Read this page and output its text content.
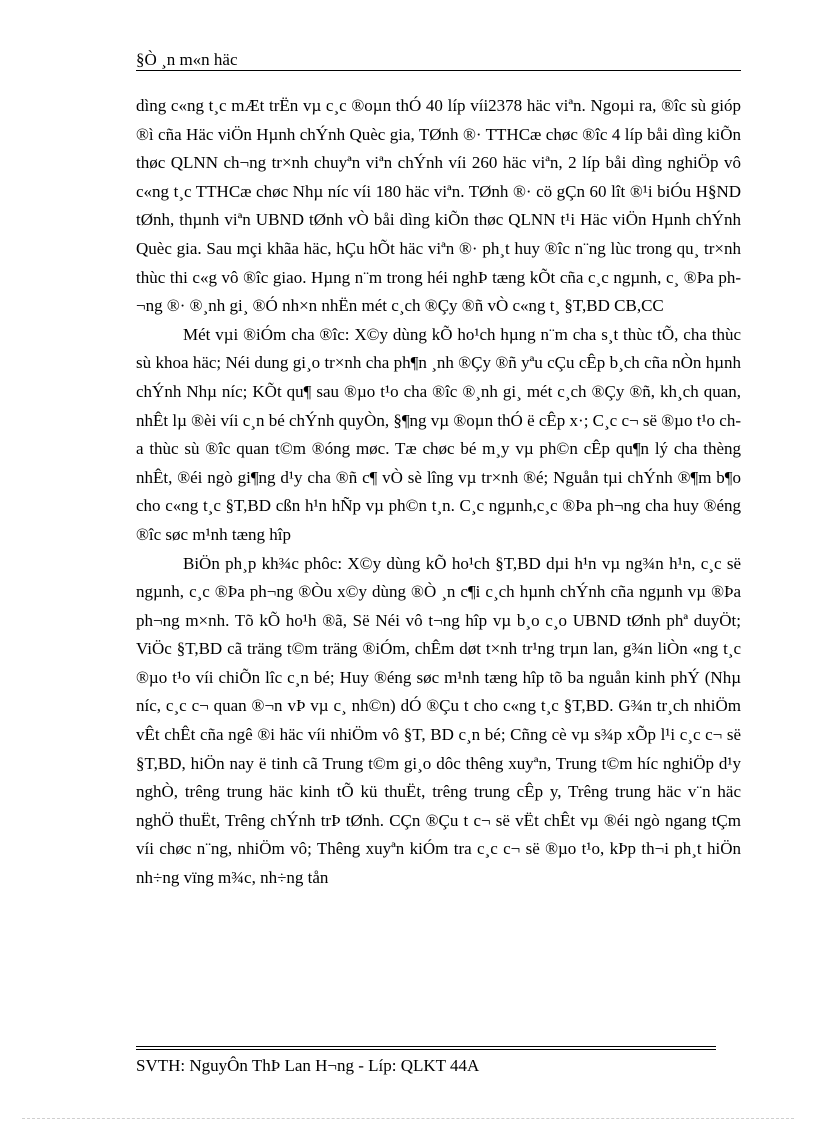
§Ò ¸n m«n häc

dìng c«ng t¸c mÆt trËn vµ c¸c ®oµn thÓ 40 líp víi2378 häc viªn. Ngoµi ra, ®îc sù gióp ®ì cña Häc viÖn Hµnh chÝnh Quèc gia, TØnh ®· TTHCæ chøc ®îc 4 líp båi dìng kiÕn thøc QLNN ch¬ng tr×nh chuyªn viªn chÝnh víi 260 häc viªn, 2 líp båi dìng nghiÖp vô c«ng t¸c TTHCæ chøc Nhµ níc víi 180 häc viªn. TØnh ®· cö gÇn 60 lît ®¹i biÓu H§ND tØnh, thµnh viªn UBND tØnh vÒ båi dìng kiÕn thøc QLNN t¹i Häc viÖn Hµnh chÝnh Quèc gia. Sau mçi khãa häc, hÇu hÕt häc viªn ®· ph¸t huy ®îc n¨ng lùc trong qu¸ tr×nh thùc thi c«g vô ®îc giao. Hµng n¨m trong héi nghÞ tæng kÕt cña c¸c ngµnh, c¸ ®Þa ph¬ng ®· ®¸nh gi¸ ®Ó nh×n nhËn mét c¸ch ®Çy ®ñ vÒ c«ng t¸ §T,BD CB,CC

Mét vµi ®iÓm cha ®îc: X©y dùng kÕ ho¹ch hµng n¨m cha s¸t thùc tÕ, cha thùc sù khoa häc; Néi dung gi¸o tr×nh cha ph¶n ¸nh ®Çy ®ñ yªu cÇu cÊp b¸ch cña nÒn hµnh chÝnh Nhµ níc; KÕt qu¶ sau ®µo t¹o cha ®îc ®¸nh gi¸ mét c¸ch ®Çy ®ñ, kh¸ch quan, nhÊt lµ ®èi víi c¸n bé chÝnh quyÒn, §¶ng vµ ®oµn thÓ ë cÊp x·; C¸c c¬ së ®µo t¹o cha thùc sù ®îc quan t©m ®óng møc. Tæ chøc bé m¸y vµ ph©n cÊp qu¶n lý cha thèng nhÊt, ®éi ngò gi¶ng d¹y cha ®ñ c¶ vÒ sè lîng vµ tr×nh ®é; Nguån tµi chÝnh ®¶m b¶o cho c«ng t¸c §T,BD cßn h¹n hÑp vµ ph©n t¸n. C¸c ngµnh,c¸c ®Þa ph¬ng cha huy ®éng ®îc søc m¹nh tæng hîp

BiÖn ph¸p kh¾c phôc: X©y dùng kÕ ho¹ch §T,BD dµi h¹n vµ ng¾n h¹n, c¸c së ngµnh, c¸c ®Þa ph¬ng ®Òu x©y dùng ®Ò ¸n c¶i c¸ch hµnh chÝnh cña ngµnh vµ ®Þa ph¬ng m×nh. Tõ kÕ ho¹h ®ã, Së Néi vô t¬ng hîp vµ b¸o c¸o UBND tØnh phª duyÖt; ViÖc §T,BD cã träng t©m träng ®iÓm, chÊm døt t×nh tr¹ng trµn lan, g¾n liÒn «ng t¸c ®µo t¹o víi chiÕn lîc c¸n bé; Huy ®éng søc m¹nh tæng hîp tõ ba nguån kinh phÝ (Nhµ níc, c¸c c¬ quan ®¬n vÞ vµ c¸ nh©n) dÓ ®Çu t cho c«ng t¸c §T,BD. G¾n tr¸ch nhiÖm vÊt chÊt cña ngê ®i häc víi nhiÖm vô §T, BD c¸n bé; Cñng cè vµ s¾p xÕp l¹i c¸c c¬ së §T,BD, hiÖn nay ë tinh cã Trung t©m gi¸o dôc thêng xuyªn, Trung t©m híc nghiÖp d¹y nghÒ, trêng trung häc kinh tÕ kü thuËt, trêng trung cÊp y, Trêng trung häc v¨n häc nghÖ thuËt, Trêng chÝnh trÞ tØnh. CÇn ®Çu t c¬ së vËt chÊt vµ ®éi ngò ngang tÇm víi chøc n¨ng, nhiÖm vô; Thêng xuyªn kiÓm tra c¸c c¬ së ®µo t¹o, kÞp th¬i ph¸t hiÖn nh÷ng vïng m¾c, nh÷ng tån

SVTH: NguyÔn ThÞ Lan H¬ng - Líp: QLKT 44A
